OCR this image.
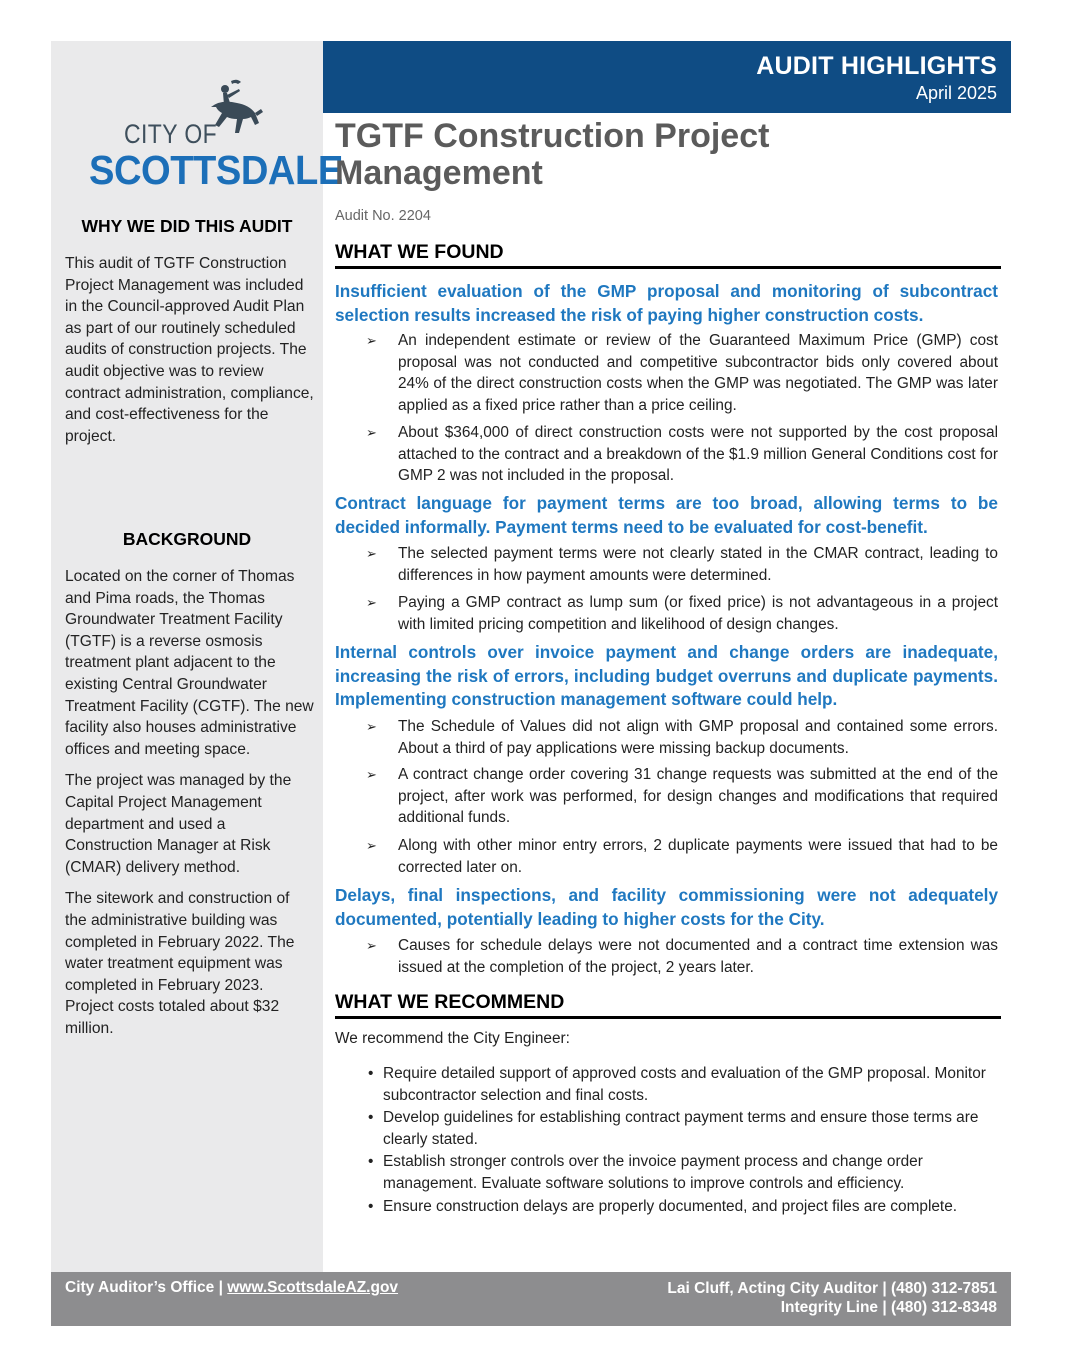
CITY OF
SCOTTSDALE
WHY WE DID THIS AUDIT
This audit of TGTF Construction Project Management was included in the Council-approved Audit Plan as part of our routinely scheduled audits of construction projects. The audit objective was to review contract administration, compliance, and cost-effectiveness for the project.
BACKGROUND

Located on the corner of Thomas and Pima roads, the Thomas Groundwater Treatment Facility (TGTF) is a reverse osmosis treatment plant adjacent to the existing Central Groundwater Treatment Facility (CGTF). The new facility also houses administrative offices and meeting space.

The project was managed by the Capital Project Management department and used a Construction Manager at Risk (CMAR) delivery method.

The sitework and construction of the administrative building was completed in February 2022. The water treatment equipment was completed in February 2023. Project costs totaled about $32 million.

AUDIT HIGHLIGHTS
April 2025
TGTF Construction Project
Management
Audit No. 2204
WHAT WE FOUND
Insufficient evaluation of the GMP proposal and monitoring of subcontract selection results increased the risk of paying higher construction costs.
➢ An independent estimate or review of the Guaranteed Maximum Price (GMP) cost proposal was not conducted and competitive subcontractor bids only covered about 24% of the direct construction costs when the GMP was negotiated. The GMP was later applied as a fixed price rather than a price ceiling.
➢ About $364,000 of direct construction costs were not supported by the cost proposal attached to the contract and a breakdown of the $1.9 million General Conditions cost for GMP 2 was not included in the proposal.
Contract language for payment terms are too broad, allowing terms to be decided informally. Payment terms need to be evaluated for cost-benefit.
➢ The selected payment terms were not clearly stated in the CMAR contract, leading to differences in how payment amounts were determined.
➢ Paying a GMP contract as lump sum (or fixed price) is not advantageous in a project with limited pricing competition and likelihood of design changes.
Internal controls over invoice payment and change orders are inadequate, increasing the risk of errors, including budget overruns and duplicate payments. Implementing construction management software could help.
➢ The Schedule of Values did not align with GMP proposal and contained some errors. About a third of pay applications were missing backup documents.
➢ A contract change order covering 31 change requests was submitted at the end of the project, after work was performed, for design changes and modifications that required additional funds.
➢ Along with other minor entry errors, 2 duplicate payments were issued that had to be corrected later on.
Delays, final inspections, and facility commissioning were not adequately documented, potentially leading to higher costs for the City.
➢ Causes for schedule delays were not documented and a contract time extension was issued at the completion of the project, 2 years later.
WHAT WE RECOMMEND
We recommend the City Engineer:
• Require detailed support of approved costs and evaluation of the GMP proposal. Monitor subcontractor selection and final costs.
• Develop guidelines for establishing contract payment terms and ensure those terms are clearly stated.
• Establish stronger controls over the invoice payment process and change order management. Evaluate software solutions to improve controls and efficiency.
• Ensure construction delays are properly documented, and project files are complete.
City Auditor’s Office | www.ScottsdaleAZ.gov	Lai Cluff, Acting City Auditor | (480) 312-7851
Integrity Line | (480) 312-8348
